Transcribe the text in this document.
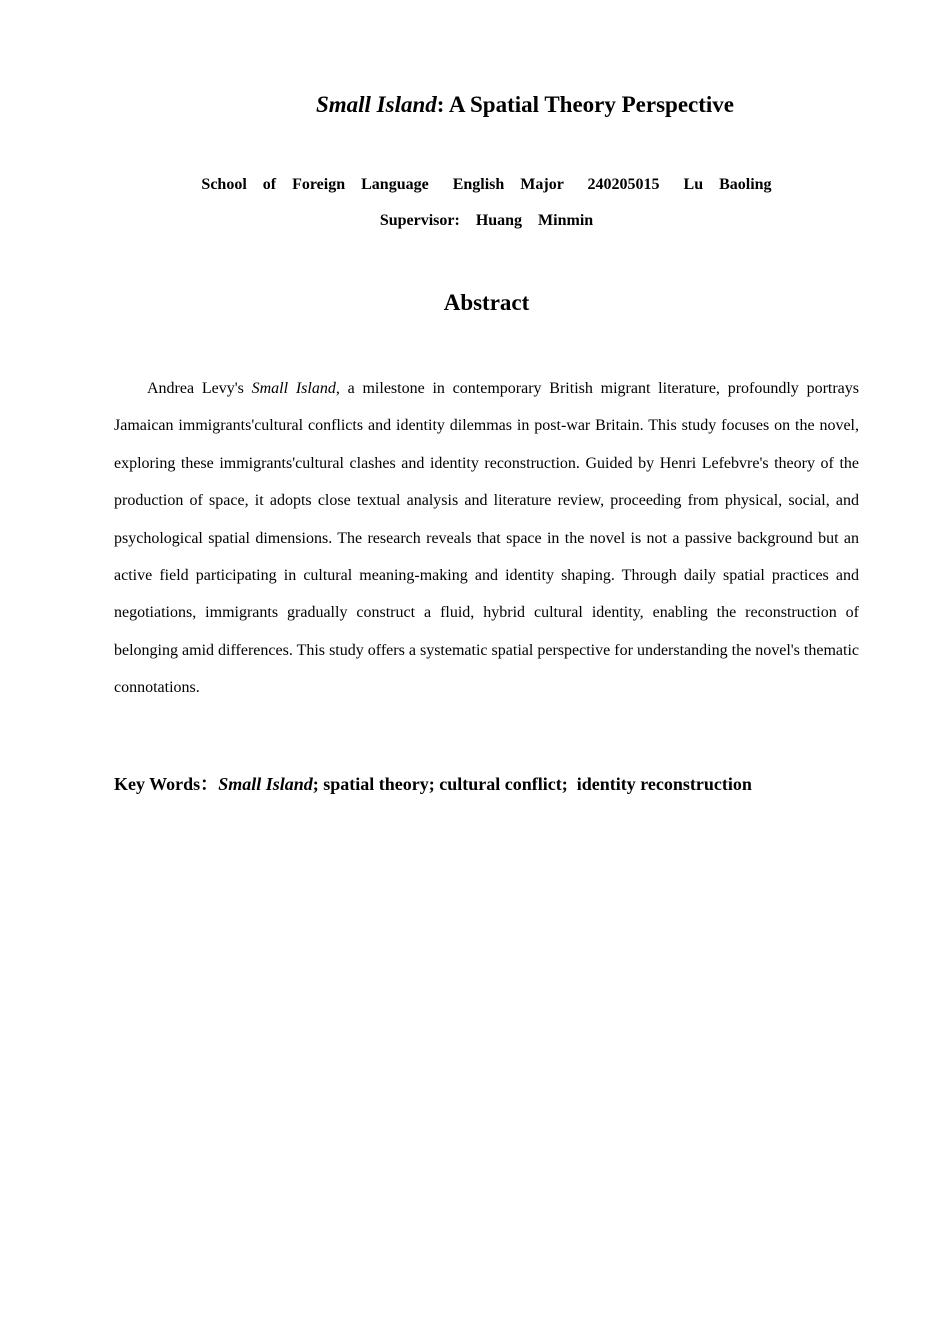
Small Island: A Spatial Theory Perspective
School  of  Foreign  Language   English  Major   240205015   Lu  Baoling
Supervisor:  Huang  Minmin
Abstract

Andrea Levy's Small Island, a milestone in contemporary British migrant literature, profoundly portrays Jamaican immigrants'cultural conflicts and identity dilemmas in post-war Britain. This study focuses on the novel, exploring these immigrants'cultural clashes and identity reconstruction. Guided by Henri Lefebvre's theory of the production of space, it adopts close textual analysis and literature review, proceeding from physical, social, and psychological spatial dimensions. The research reveals that space in the novel is not a passive background but an active field participating in cultural meaning-making and identity shaping. Through daily spatial practices and negotiations, immigrants gradually construct a fluid, hybrid cultural identity, enabling the reconstruction of belonging amid differences. This study offers a systematic spatial perspective for understanding the novel's thematic connotations.

Key Words：Small Island; spatial theory; cultural conflict;  identity reconstruction
